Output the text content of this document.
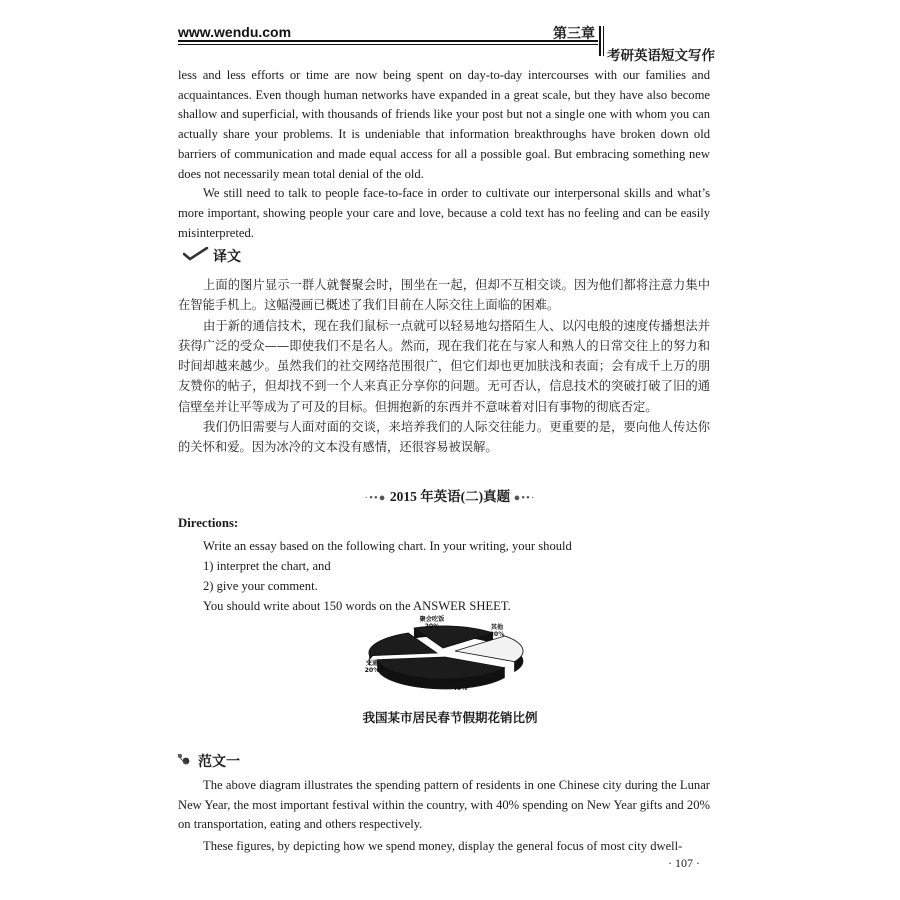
www.wendu.com	第三章
考研英语短文写作

less and less efforts or time are now being spent on day-to-day intercourses with our families and acquaintances. Even though human networks have expanded in a great scale, but they have also become shallow and superficial, with thousands of friends like your post but not a single one with whom you can actually share your problems. It is undeniable that information breakthroughs have broken down old barriers of communication and made equal access for all a possible goal. But embracing something new does not necessarily mean total denial of the old.

We still need to talk to people face-to-face in order to cultivate our interpersonal skills and what’s more important, showing people your care and love, because a cold text has no feeling and can be easily misinterpreted.

译文

上面的图片显示一群人就餐聚会时，围坐在一起，但却不互相交谈。因为他们都将注意力集中在智能手机上。这幅漫画已概述了我们目前在人际交往上面临的困难。

由于新的通信技术，现在我们鼠标一点就可以轻易地勾搭陌生人、以闪电般的速度传播想法并获得广泛的受众——即使我们不是名人。然而，现在我们花在与家人和熟人的日常交往上的努力和时间却越来越少。虽然我们的社交网络范围很广，但它们却也更加肤浅和表面；会有成千上万的朋友赞你的帖子，但却找不到一个人来真正分享你的问题。无可否认，信息技术的突破打破了旧的通信壁垒并让平等成为了可及的目标。但拥抱新的东西并不意味着对旧有事物的彻底否定。

我们仍旧需要与人面对面的交谈，来培养我们的人际交往能力。更重要的是，要向他人传达你的关怀和爱。因为冰冷的文本没有感情，还很容易被误解。

·••● 2015 年英语(二)真题 ●••·
Directions:
Write an essay based on the following chart. In your writing, your should
1) interpret the chart, and
2) give your comment.
You should write about 150 words on the ANSWER SHEET.
聚会吃饭
20%	其他
20%
新年礼物
40%
交通
20%
我国某市居民春节假期花销比例
范文一

The above diagram illustrates the spending pattern of residents in one Chinese city during the Lunar New Year, the most important festival within the country, with 40% spending on New Year gifts and 20% on transportation, eating and others respectively.

These figures, by depicting how we spend money, display the general focus of most city dwell-

· 107 ·
